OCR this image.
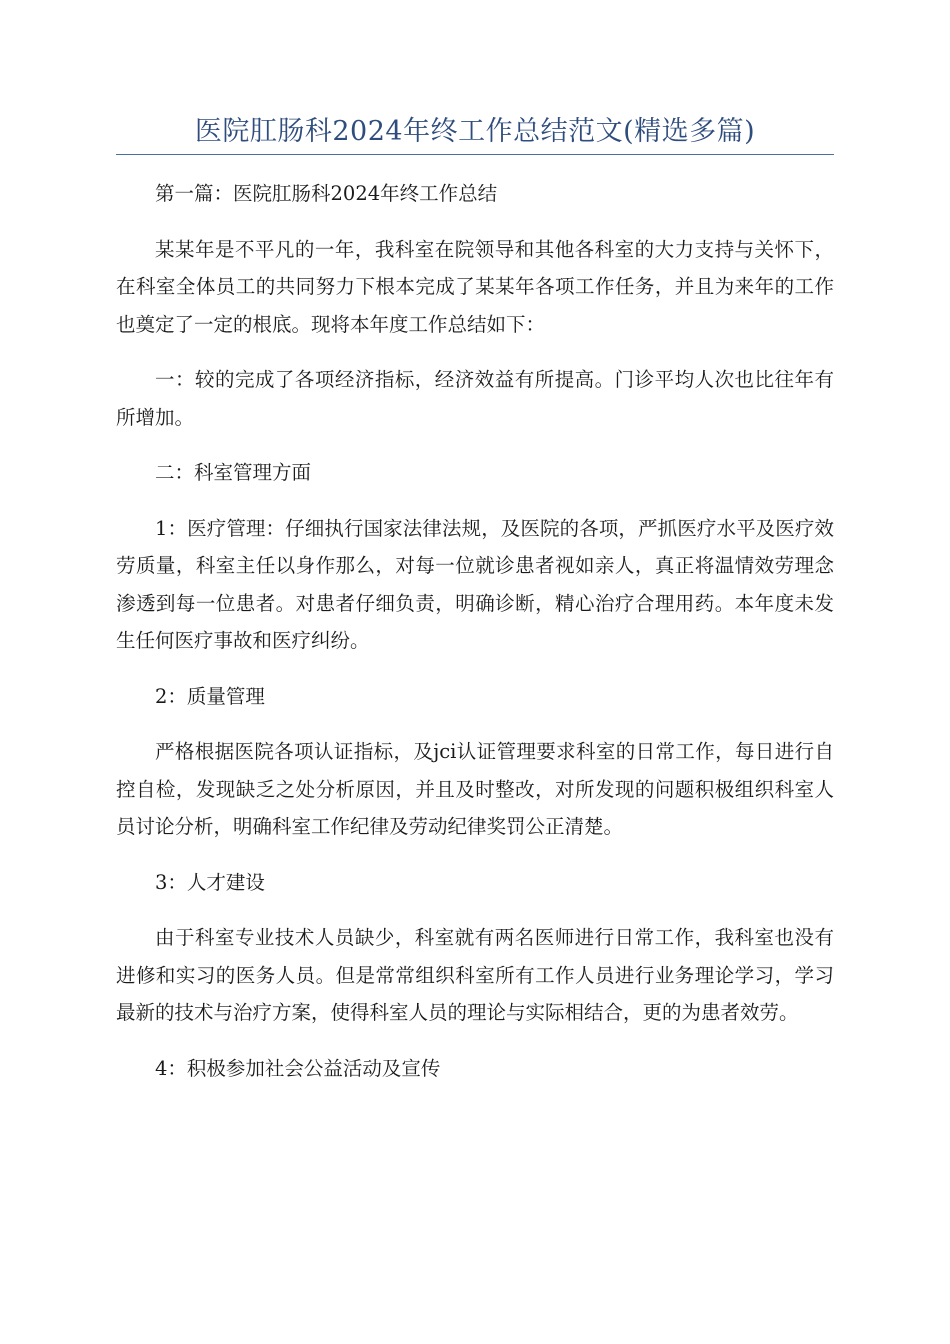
医院肛肠科2024年终工作总结范文(精选多篇)

第一篇：医院肛肠科2024年终工作总结

某某年是不平凡的一年，我科室在院领导和其他各科室的大力支持与关怀下，在科室全体员工的共同努力下根本完成了某某年各项工作任务，并且为来年的工作也奠定了一定的根底。现将本年度工作总结如下：

一：较的完成了各项经济指标，经济效益有所提高。门诊平均人次也比往年有所增加。

二：科室管理方面

1：医疗管理：仔细执行国家法律法规，及医院的各项，严抓医疗水平及医疗效劳质量，科室主任以身作那么，对每一位就诊患者视如亲人，真正将温情效劳理念渗透到每一位患者。对患者仔细负责，明确诊断，精心治疗合理用药。本年度未发生任何医疗事故和医疗纠纷。

2：质量管理

严格根据医院各项认证指标，及jci认证管理要求科室的日常工作，每日进行自控自检，发现缺乏之处分析原因，并且及时整改，对所发现的问题积极组织科室人员讨论分析，明确科室工作纪律及劳动纪律奖罚公正清楚。

3：人才建设

由于科室专业技术人员缺少，科室就有两名医师进行日常工作，我科室也没有进修和实习的医务人员。但是常常组织科室所有工作人员进行业务理论学习，学习最新的技术与治疗方案，使得科室人员的理论与实际相结合，更的为患者效劳。

4：积极参加社会公益活动及宣传
